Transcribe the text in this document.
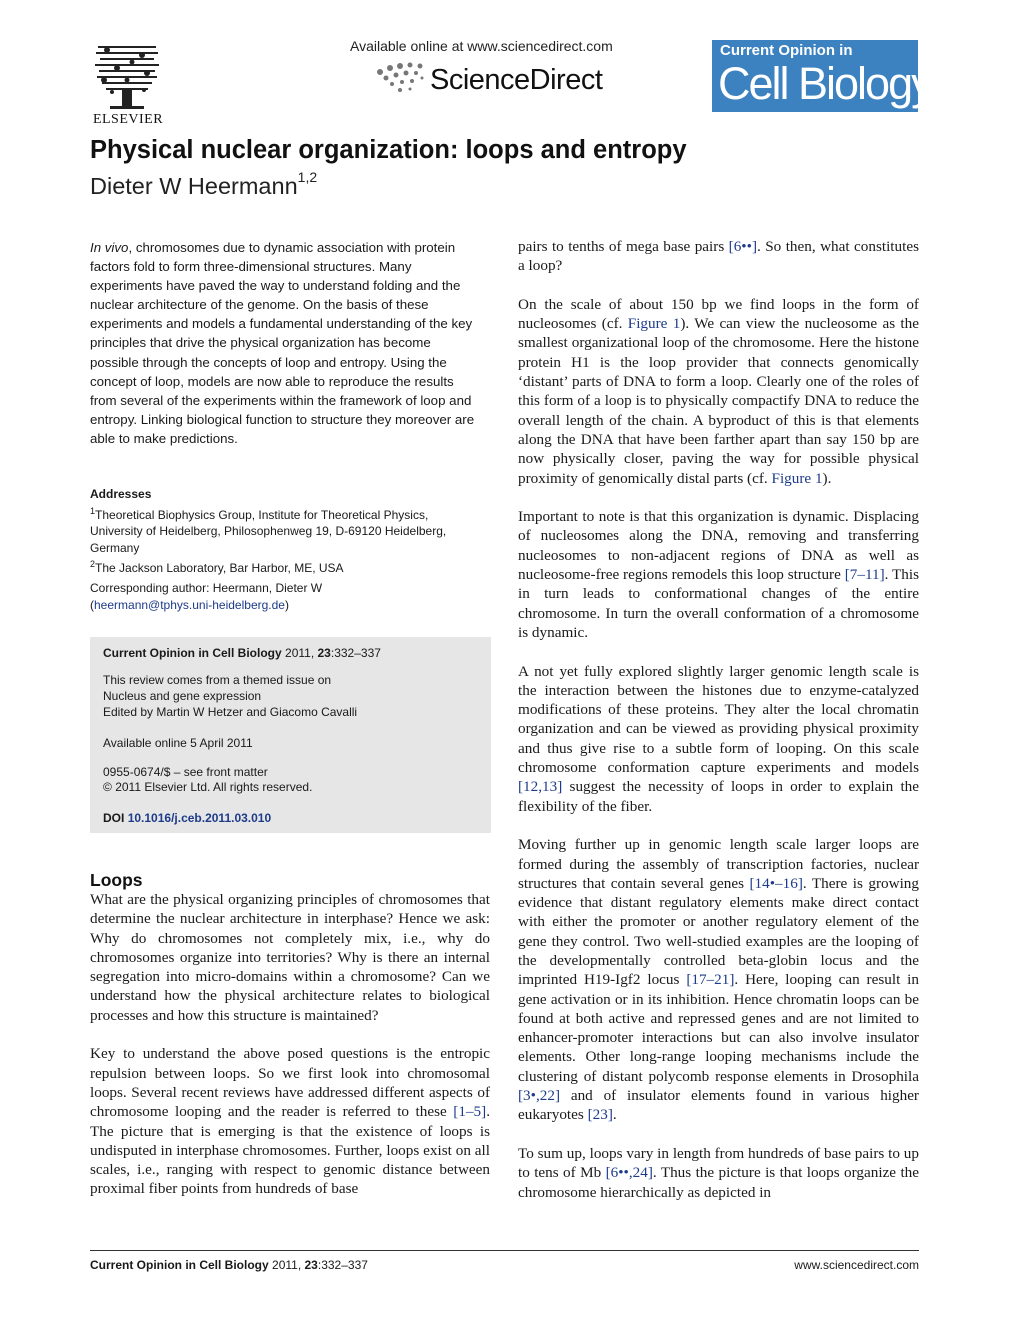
ELSEVIER
Available online at www.sciencedirect.com
ScienceDirect
Current Opinion in
Cell Biology
Physical nuclear organization: loops and entropy
Dieter W Heermann$^{1,2}$

In vivo, chromosomes due to dynamic association with protein factors fold to form three-dimensional structures. Many experiments have paved the way to understand folding and the nuclear architecture of the genome. On the basis of these experiments and models a fundamental understanding of the key principles that drive the physical organization has become possible through the concepts of loop and entropy. Using the concept of loop, models are now able to reproduce the results from several of the experiments within the framework of loop and entropy. Linking biological function to structure they moreover are able to make predictions.

Addresses
$^1$Theoretical Biophysics Group, Institute for Theoretical Physics, University of Heidelberg, Philosophenweg 19, D-69120 Heidelberg, Germany
$^2$The Jackson Laboratory, Bar Harbor, ME, USA
Corresponding author: Heermann, Dieter W
(heermann@tphys.uni-heidelberg.de)
Current Opinion in Cell Biology 2011, 23:332–337
This review comes from a themed issue on
Nucleus and gene expression
Edited by Martin W Hetzer and Giacomo Cavalli
Available online 5 April 2011
0955-0674/$ – see front matter
© 2011 Elsevier Ltd. All rights reserved.
DOI 10.1016/j.ceb.2011.03.010
Loops

What are the physical organizing principles of chromosomes that determine the nuclear architecture in interphase? Hence we ask: Why do chromosomes not completely mix, i.e., why do chromosomes organize into territories? Why is there an internal segregation into micro-domains within a chromosome? Can we understand how the physical architecture relates to biological processes and how this structure is maintained?

Key to understand the above posed questions is the entropic repulsion between loops. So we first look into chromosomal loops. Several recent reviews have addressed different aspects of chromosome looping and the reader is referred to these [1–5]. The picture that is emerging is that the existence of loops is undisputed in interphase chromosomes. Further, loops exist on all scales, i.e., ranging with respect to genomic distance between proximal fiber points from hundreds of base

pairs to tenths of mega base pairs [6••]. So then, what constitutes a loop?

On the scale of about 150 bp we find loops in the form of nucleosomes (cf. Figure 1). We can view the nucleosome as the smallest organizational loop of the chromosome. Here the histone protein H1 is the loop provider that connects genomically ‘distant’ parts of DNA to form a loop. Clearly one of the roles of this form of a loop is to physically compactify DNA to reduce the overall length of the chain. A byproduct of this is that elements along the DNA that have been farther apart than say 150 bp are now physically closer, paving the way for possible physical proximity of genomically distal parts (cf. Figure 1).

Important to note is that this organization is dynamic. Displacing of nucleosomes along the DNA, removing and transferring nucleosomes to non-adjacent regions of DNA as well as nucleosome-free regions remodels this loop structure [7–11]. This in turn leads to conformational changes of the entire chromosome. In turn the overall conformation of a chromosome is dynamic.

A not yet fully explored slightly larger genomic length scale is the interaction between the histones due to enzyme-catalyzed modifications of these proteins. They alter the local chromatin organization and can be viewed as providing physical proximity and thus give rise to a subtle form of looping. On this scale chromosome conformation capture experiments and models [12,13] suggest the necessity of loops in order to explain the flexibility of the fiber.

Moving further up in genomic length scale larger loops are formed during the assembly of transcription factories, nuclear structures that contain several genes [14•–16]. There is growing evidence that distant regulatory elements make direct contact with either the promoter or another regulatory element of the gene they control. Two well-studied examples are the looping of the developmentally controlled beta-globin locus and the imprinted H19-Igf2 locus [17–21]. Here, looping can result in gene activation or in its inhibition. Hence chromatin loops can be found at both active and repressed genes and are not limited to enhancer-promoter interactions but can also involve insulator elements. Other long-range looping mechanisms include the clustering of distant polycomb response elements in Drosophila [3•,22] and of insulator elements found in various higher eukaryotes [23].

To sum up, loops vary in length from hundreds of base pairs to up to tens of Mb [6••,24]. Thus the picture is that loops organize the chromosome hierarchically as depicted in

Current Opinion in Cell Biology 2011, 23:332–337	www.sciencedirect.com
